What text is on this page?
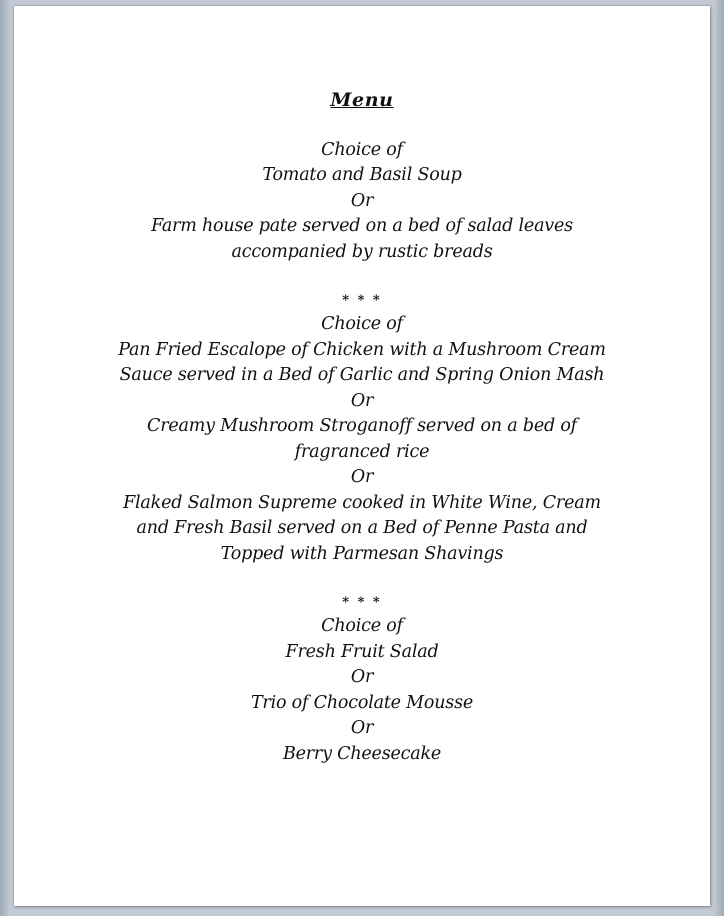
Menu
Choice of
Tomato and Basil Soup
Or
Farm house pate served on a bed of salad leaves accompanied by rustic breads
* * *
Choice of
Pan Fried Escalope of Chicken with a Mushroom Cream Sauce served in a Bed of Garlic and Spring Onion Mash
Or
Creamy Mushroom Stroganoff served on a bed of fragranced rice
Or
Flaked Salmon Supreme cooked in White Wine, Cream and Fresh Basil served on a Bed of Penne Pasta and Topped with Parmesan Shavings
* * *
Choice of
Fresh Fruit Salad
Or
Trio of Chocolate Mousse
Or
Berry Cheesecake
